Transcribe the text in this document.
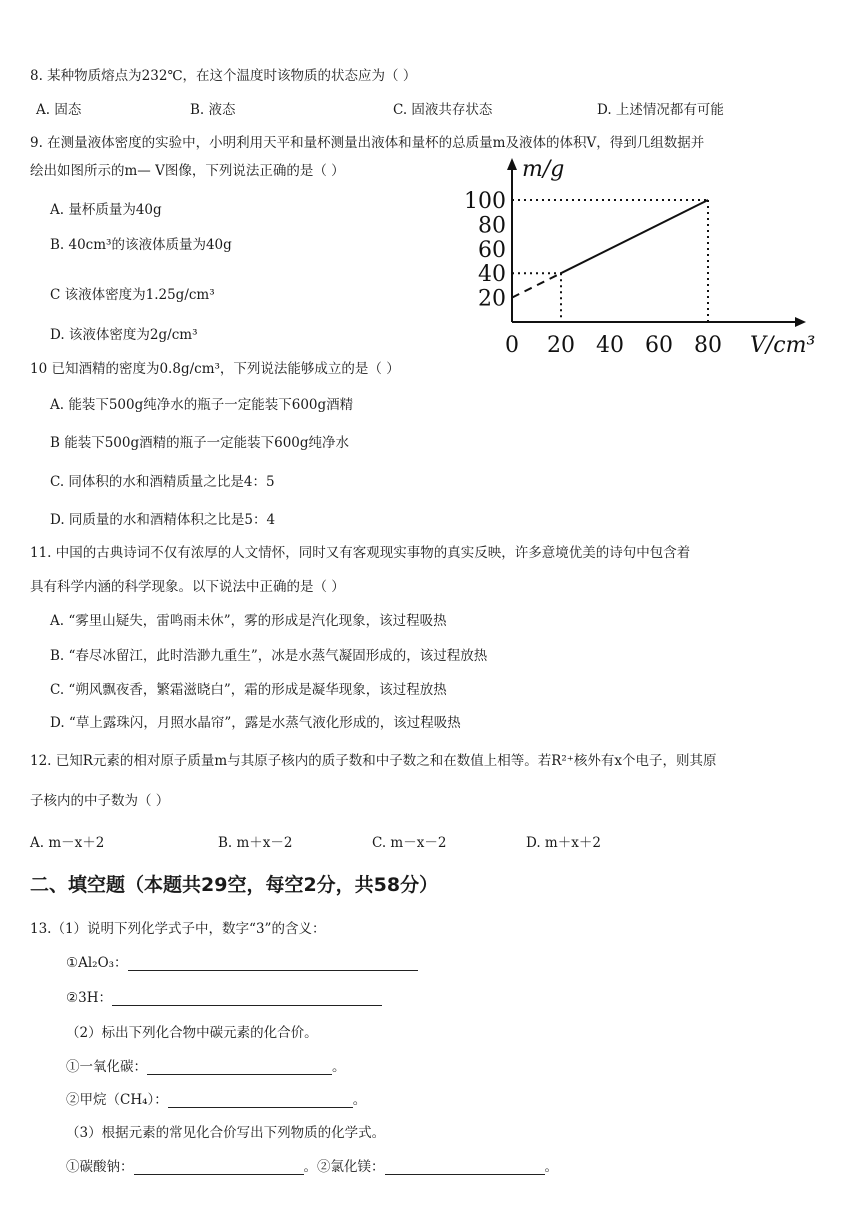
8. 某种物质熔点为232℃，在这个温度时该物质的状态应为（ ）
A. 固态	B. 液态	C. 固液共存状态	D. 上述情况都有可能
9. 在测量液体密度的实验中，小明利用天平和量杯测量出液体和量杯的总质量m及液体的体积V，得到几组数据并
绘出如图所示的m— V图像，下列说法正确的是（ ）
A. 量杯质量为40g
B. 40cm³的该液体质量为40g
C 该液体密度为1.25g/cm³
D. 该液体密度为2g/cm³	0 20 40 60 80
20
40
60
80
100
m/g
V/cm³
10 已知酒精的密度为0.8g/cm³，下列说法能够成立的是（ ）
A. 能装下500g纯净水的瓶子一定能装下600g酒精
B 能装下500g酒精的瓶子一定能装下600g纯净水
C. 同体积的水和酒精质量之比是4：5
D. 同质量的水和酒精体积之比是5：4
11. 中国的古典诗词不仅有浓厚的人文情怀，同时又有客观现实事物的真实反映，许多意境优美的诗句中包含着
具有科学内涵的科学现象。以下说法中正确的是（ ）
A. “雾里山疑失，雷鸣雨未休”，雾的形成是汽化现象，该过程吸热
B. “春尽冰留江，此时浩渺九重生”，冰是水蒸气凝固形成的，该过程放热
C. “朔风飘夜香，繁霜滋晓白”，霜的形成是凝华现象，该过程放热
D. “草上露珠闪，月照水晶帘”，露是水蒸气液化形成的，该过程吸热
12. 已知R元素的相对原子质量m与其原子核内的质子数和中子数之和在数值上相等。若R²⁺核外有x个电子，则其原
子核内的中子数为（ ）
A. m－x＋2	B. m＋x－2	C. m－x－2	D. m＋x＋2
二、填空题（本题共29空，每空2分，共58分）
13.（1）说明下列化学式子中，数字“3”的含义：
①Al₂O₃：
②3H：
（2）标出下列化合物中碳元素的化合价。
①一氧化碳：	。
②甲烷（CH₄）：	。
（3）根据元素的常见化合价写出下列物质的化学式。
①碳酸钠：	。②氯化镁：	。
